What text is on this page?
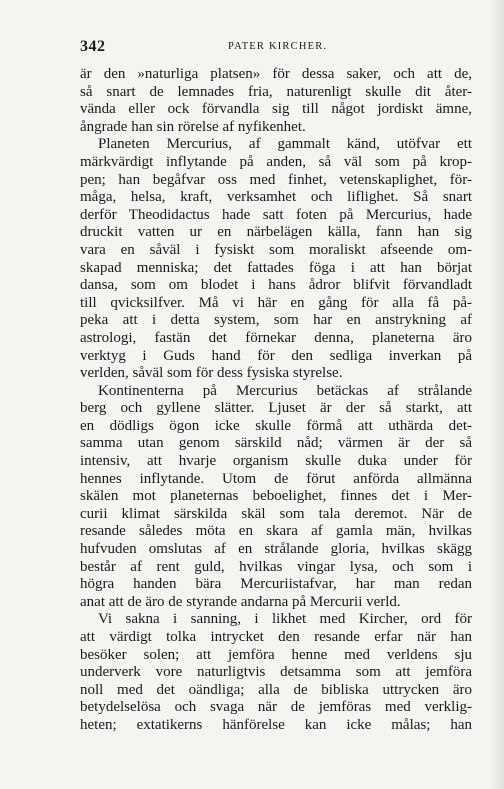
342	PATER KIRCHER.
är den »naturliga platsen» för dessa saker, och att de,
så snart de lemnades fria, naturenligt skulle dit åter-
vända eller ock förvandla sig till något jordiskt ämne,
ångrade han sin rörelse af nyfikenhet.
Planeten Mercurius, af gammalt känd, utöfvar ett
märkvärdigt inflytande på anden, så väl som på krop-
pen; han begåfvar oss med finhet, vetenskaplighet, för-
måga, helsa, kraft, verksamhet och liflighet. Så snart
derför Theodidactus hade satt foten på Mercurius, hade
druckit vatten ur en närbelägen källa, fann han sig
vara en såväl i fysiskt som moraliskt afseende om-
skapad menniska; det fattades föga i att han börjat
dansa, som om blodet i hans ådror blifvit förvandladt
till qvicksilfver. Må vi här en gång för alla få på-
peka att i detta system, som har en anstrykning af
astrologi, fastän det förnekar denna, planeterna äro
verktyg i Guds hand för den sedliga inverkan på
verlden, såväl som för dess fysiska styrelse.
Kontinenterna på Mercurius betäckas af strålande
berg och gyllene slätter. Ljuset är der så starkt, att
en dödligs ögon icke skulle förmå att uthärda det-
samma utan genom särskild nåd; värmen är der så
intensiv, att hvarje organism skulle duka under för
hennes inflytande. Utom de förut anförda allmänna
skälen mot planeternas beboelighet, finnes det i Mer-
curii klimat särskilda skäl som tala deremot. När de
resande således möta en skara af gamla män, hvilkas
hufvuden omslutas af en strålande gloria, hvilkas skägg
består af rent guld, hvilkas vingar lysa, och som i
högra handen bära Mercuriistafvar, har man redan
anat att de äro de styrande andarna på Mercurii verld.
Vi sakna i sanning, i likhet med Kircher, ord för
att värdigt tolka intrycket den resande erfar när han
besöker solen; att jemföra henne med verldens sju
underverk vore naturligtvis detsamma som att jemföra
noll med det oändliga; alla de bibliska uttrycken äro
betydelselösa och svaga när de jemföras med verklig-
heten; extatikerns hänförelse kan icke målas; han
